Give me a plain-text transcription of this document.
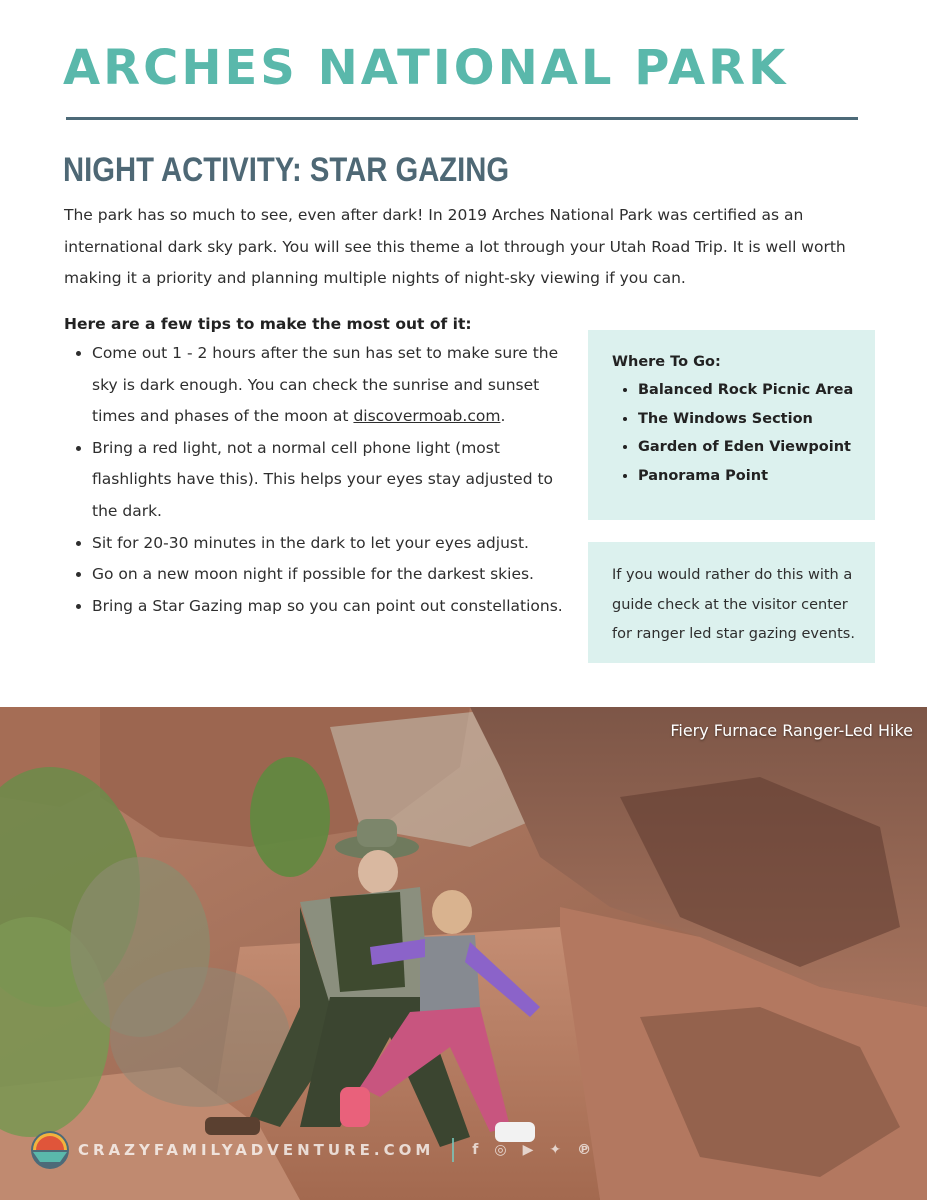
ARCHES NATIONAL PARK
NIGHT ACTIVITY: STAR GAZING

The park has so much to see, even after dark! In 2019 Arches National Park was certified as an international dark sky park. You will see this theme a lot through your Utah Road Trip. It is well worth making it a priority and planning multiple nights of night-sky viewing if you can.

Here are a few tips to make the most out of it:

• Come out 1 - 2 hours after the sun has set to make sure the sky is dark enough. You can check the sunrise and sunset times and phases of the moon at discovermoab.com.
• Bring a red light, not a normal cell phone light (most flashlights have this). This helps your eyes stay adjusted to the dark.
• Sit for 20-30 minutes in the dark to let your eyes adjust.
• Go on a new moon night if possible for the darkest skies.
• Bring a Star Gazing map so you can point out constellations.

Where To Go:

• Balanced Rock Picnic Area
• The Windows Section
• Garden of Eden Viewpoint
• Panorama Point

If you would rather do this with a guide check at the visitor center for ranger led star gazing events.

Fiery Furnace Ranger-Led Hike
CRAZYFAMILYADVENTURE.COM	f ◎ ▶ ✦ ℗
